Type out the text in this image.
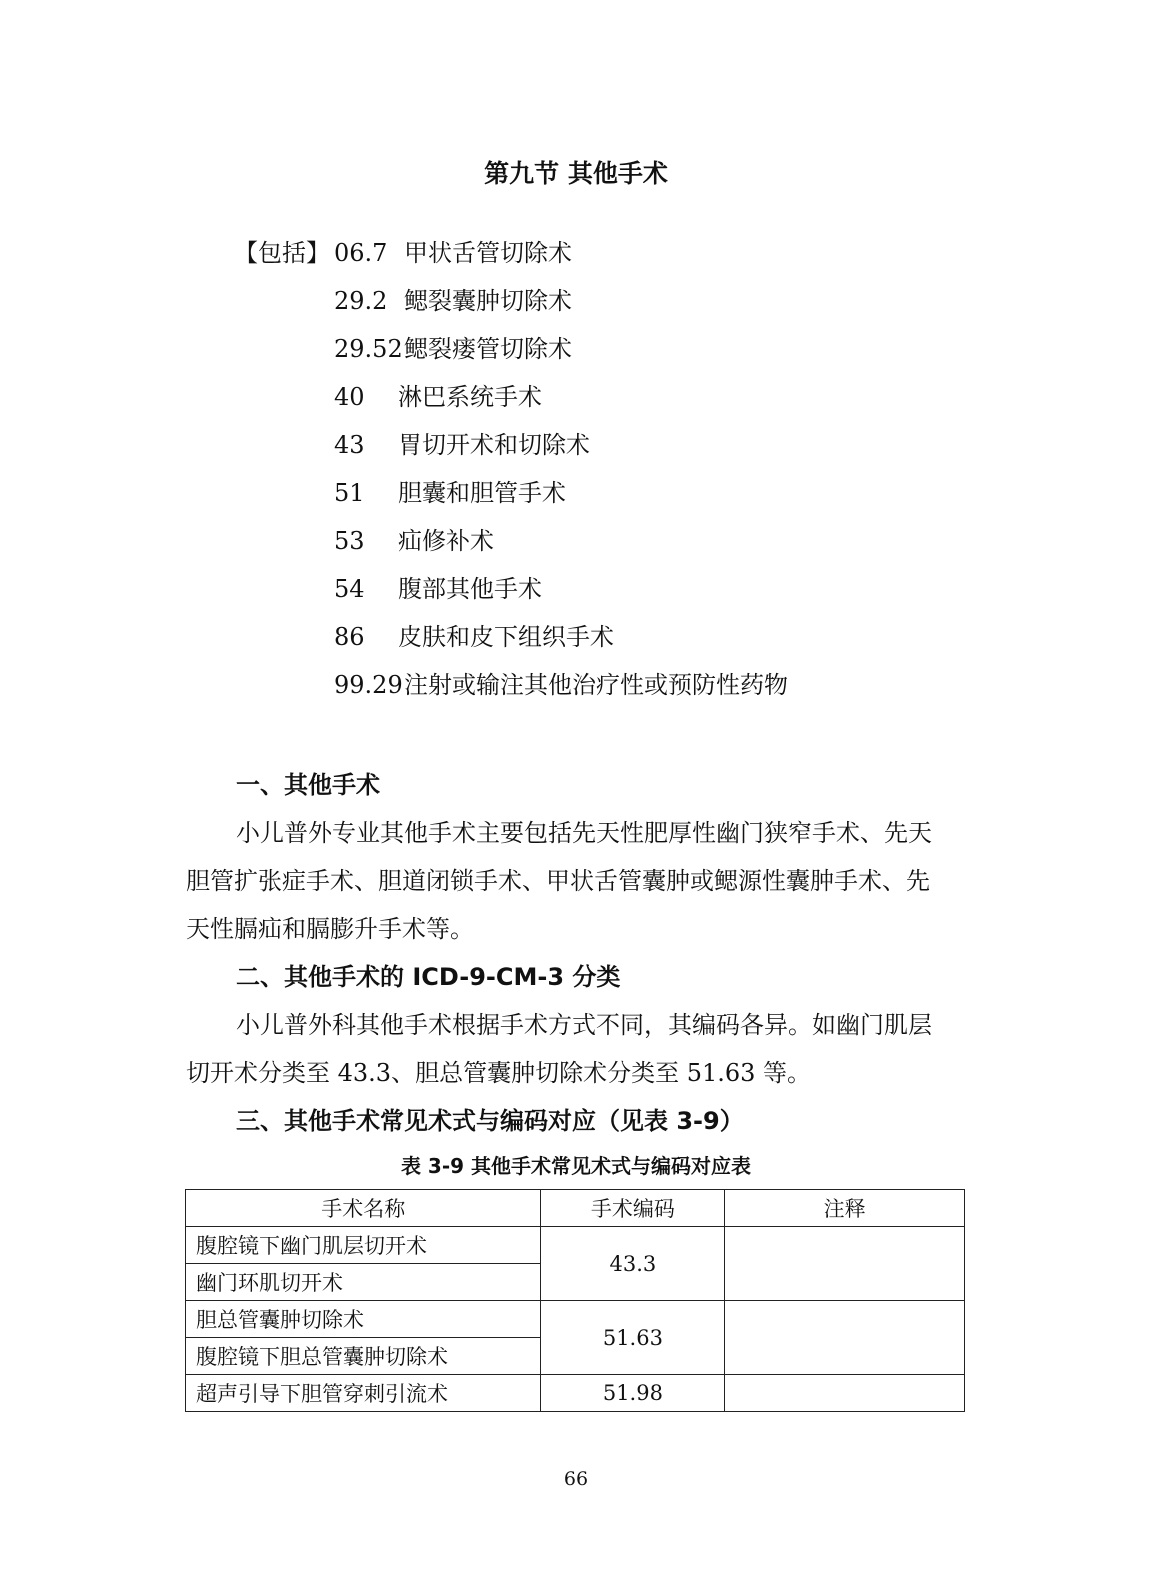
第九节 其他手术
【包括】 06.7 甲状舌管切除术
29.2 鳃裂囊肿切除术
29.52 鳃裂瘘管切除术
40 淋巴系统手术
43 胃切开术和切除术
51 胆囊和胆管手术
53 疝修补术
54 腹部其他手术
86 皮肤和皮下组织手术
99.29 注射或输注其他治疗性或预防性药物
一、其他手术
小儿普外专业其他手术主要包括先天性肥厚性幽门狭窄手术、先天
胆管扩张症手术、胆道闭锁手术、甲状舌管囊肿或鳃源性囊肿手术、先
天性膈疝和膈膨升手术等。
二、其他手术的 ICD-9-CM-3 分类
小儿普外科其他手术根据手术方式不同，其编码各异。如幽门肌层
切开术分类至 43.3、胆总管囊肿切除术分类至 51.63 等。
三、其他手术常见术式与编码对应（见表 3-9）
表 3-9 其他手术常见术式与编码对应表
手术名称	手术编码	注释
腹腔镜下幽门肌层切开术	43.3	
幽门环肌切开术		
胆总管囊肿切除术	51.63	
腹腔镜下胆总管囊肿切除术		
超声引导下胆管穿刺引流术	51.98	
66
